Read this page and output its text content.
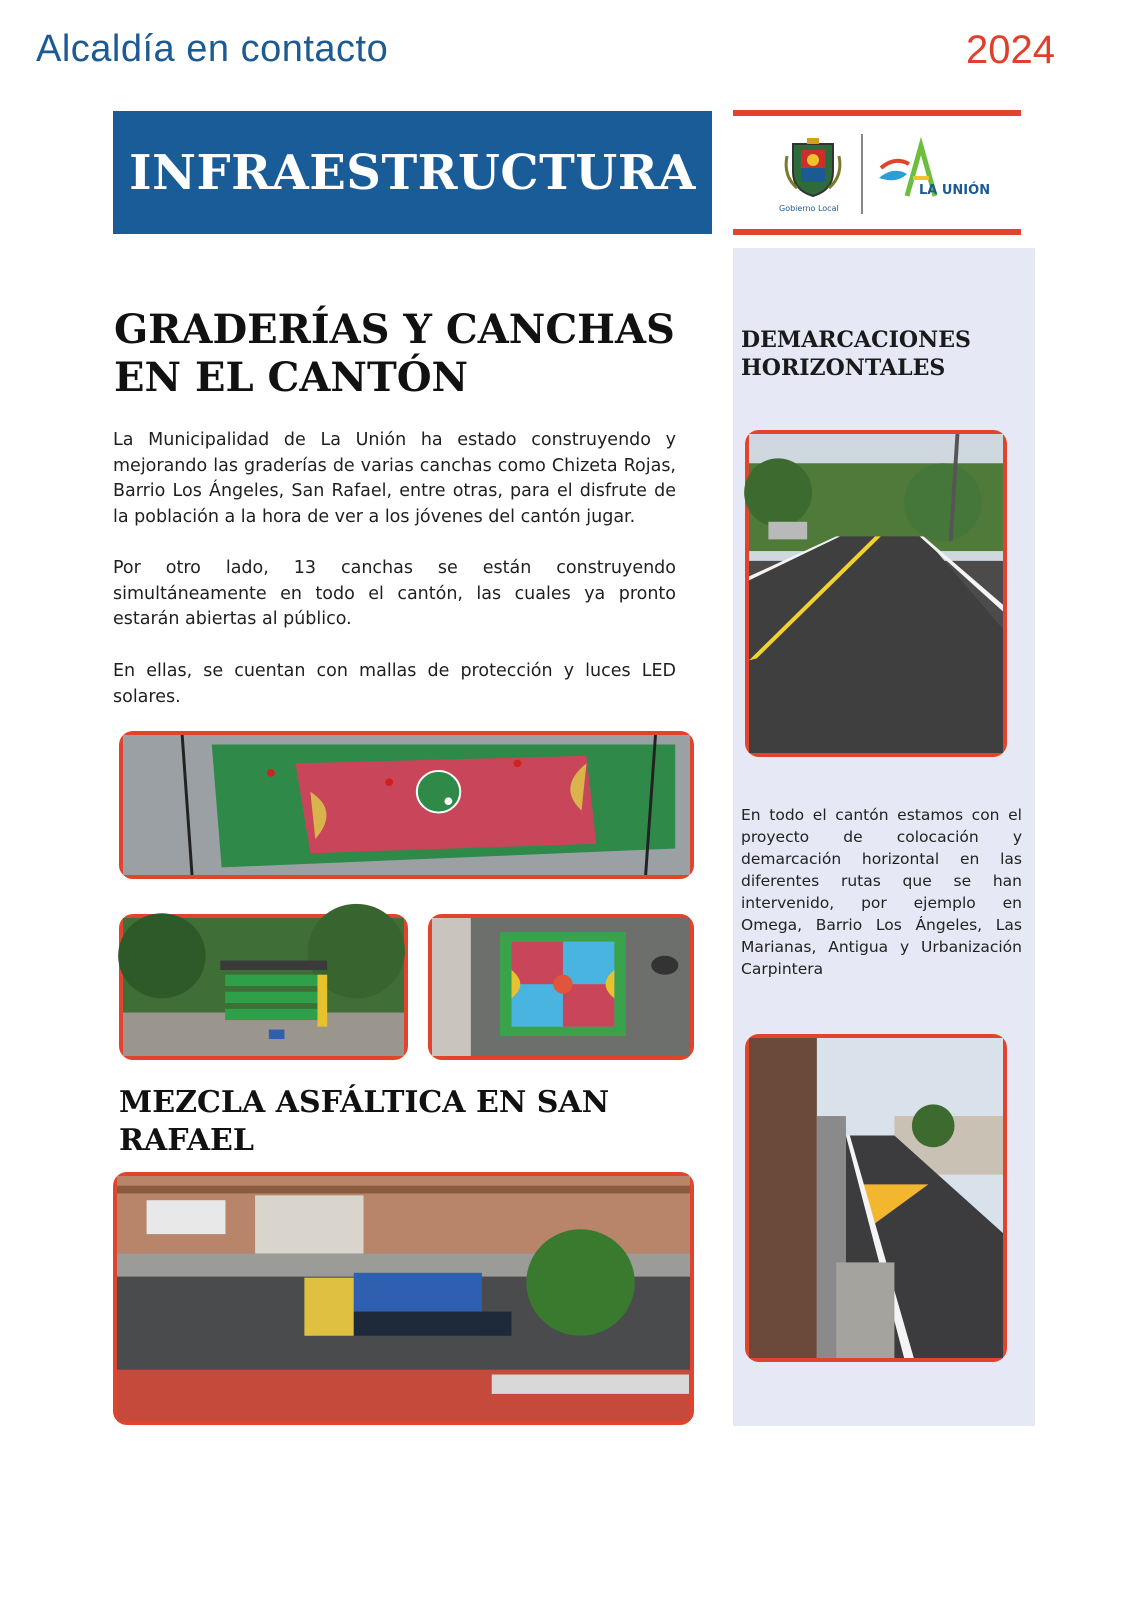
Alcaldía en contacto	2024
INFRAESTRUCTURA
Gobierno Local
LA UNIÓN
DEMARCACIONES HORIZONTALES
En todo el cantón estamos con el proyecto de colocación y demarcación horizontal en las diferentes rutas que se han intervenido, por ejemplo en Omega, Barrio Los Ángeles, Las Marianas, Antigua y Urbanización Carpintera
GRADERÍAS Y CANCHAS EN EL CANTÓN

La Municipalidad de La Unión ha estado construyendo y mejorando las graderías de varias canchas como Chizeta Rojas, Barrio Los Ángeles, San Rafael, entre otras, para el disfrute de la población a la hora de ver a los jóvenes del cantón jugar.

Por otro lado, 13 canchas se están construyendo simultáneamente en todo el cantón, las cuales ya pronto estarán abiertas al público.

En ellas, se cuentan con mallas de protección y luces LED solares.

MEZCLA ASFÁLTICA EN SAN RAFAEL
